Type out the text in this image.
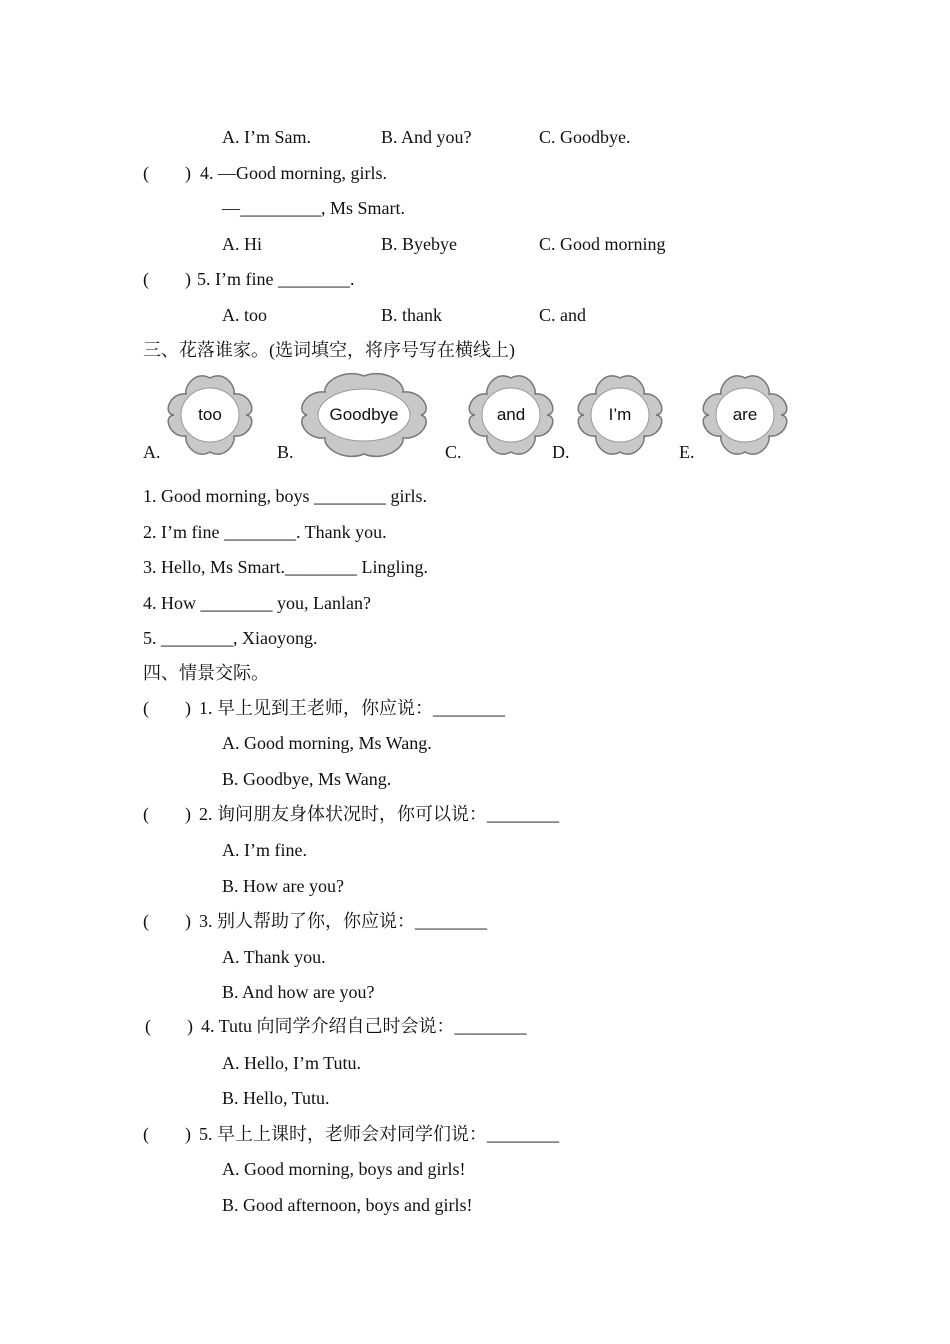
A. I’m Sam.	B. And you?	C. Goodbye.
(        ) 4. —Good morning, girls.
—_________, Ms Smart.
A. Hi	B. Byebye	C. Good morning
(        ) 5. I’m fine ________.
A. too	B. thank	C. and
三、花落谁家。(选词填空，将序号写在横线上)
A.
too
B.
Goodbye
C.
and
D.
I’m
E.
are
1. Good morning, boys ________ girls.
2. I’m fine ________. Thank you.
3. Hello, Ms Smart.________ Lingling.
4. How ________ you, Lanlan?
5. ________, Xiaoyong.
四、情景交际。
(        ) 1. 早上见到王老师，你应说：________
A. Good morning, Ms Wang.
B. Goodbye, Ms Wang.
(        ) 2. 询问朋友身体状况时，你可以说：________
A. I’m fine.
B. How are you?
(        ) 3. 别人帮助了你，你应说：________
A. Thank you.
B. And how are you?
(        ) 4. Tutu 向同学介绍自己时会说：________
A. Hello, I’m Tutu.
B. Hello, Tutu.
(        ) 5. 早上上课时，老师会对同学们说：________
A. Good morning, boys and girls!
B. Good afternoon, boys and girls!
